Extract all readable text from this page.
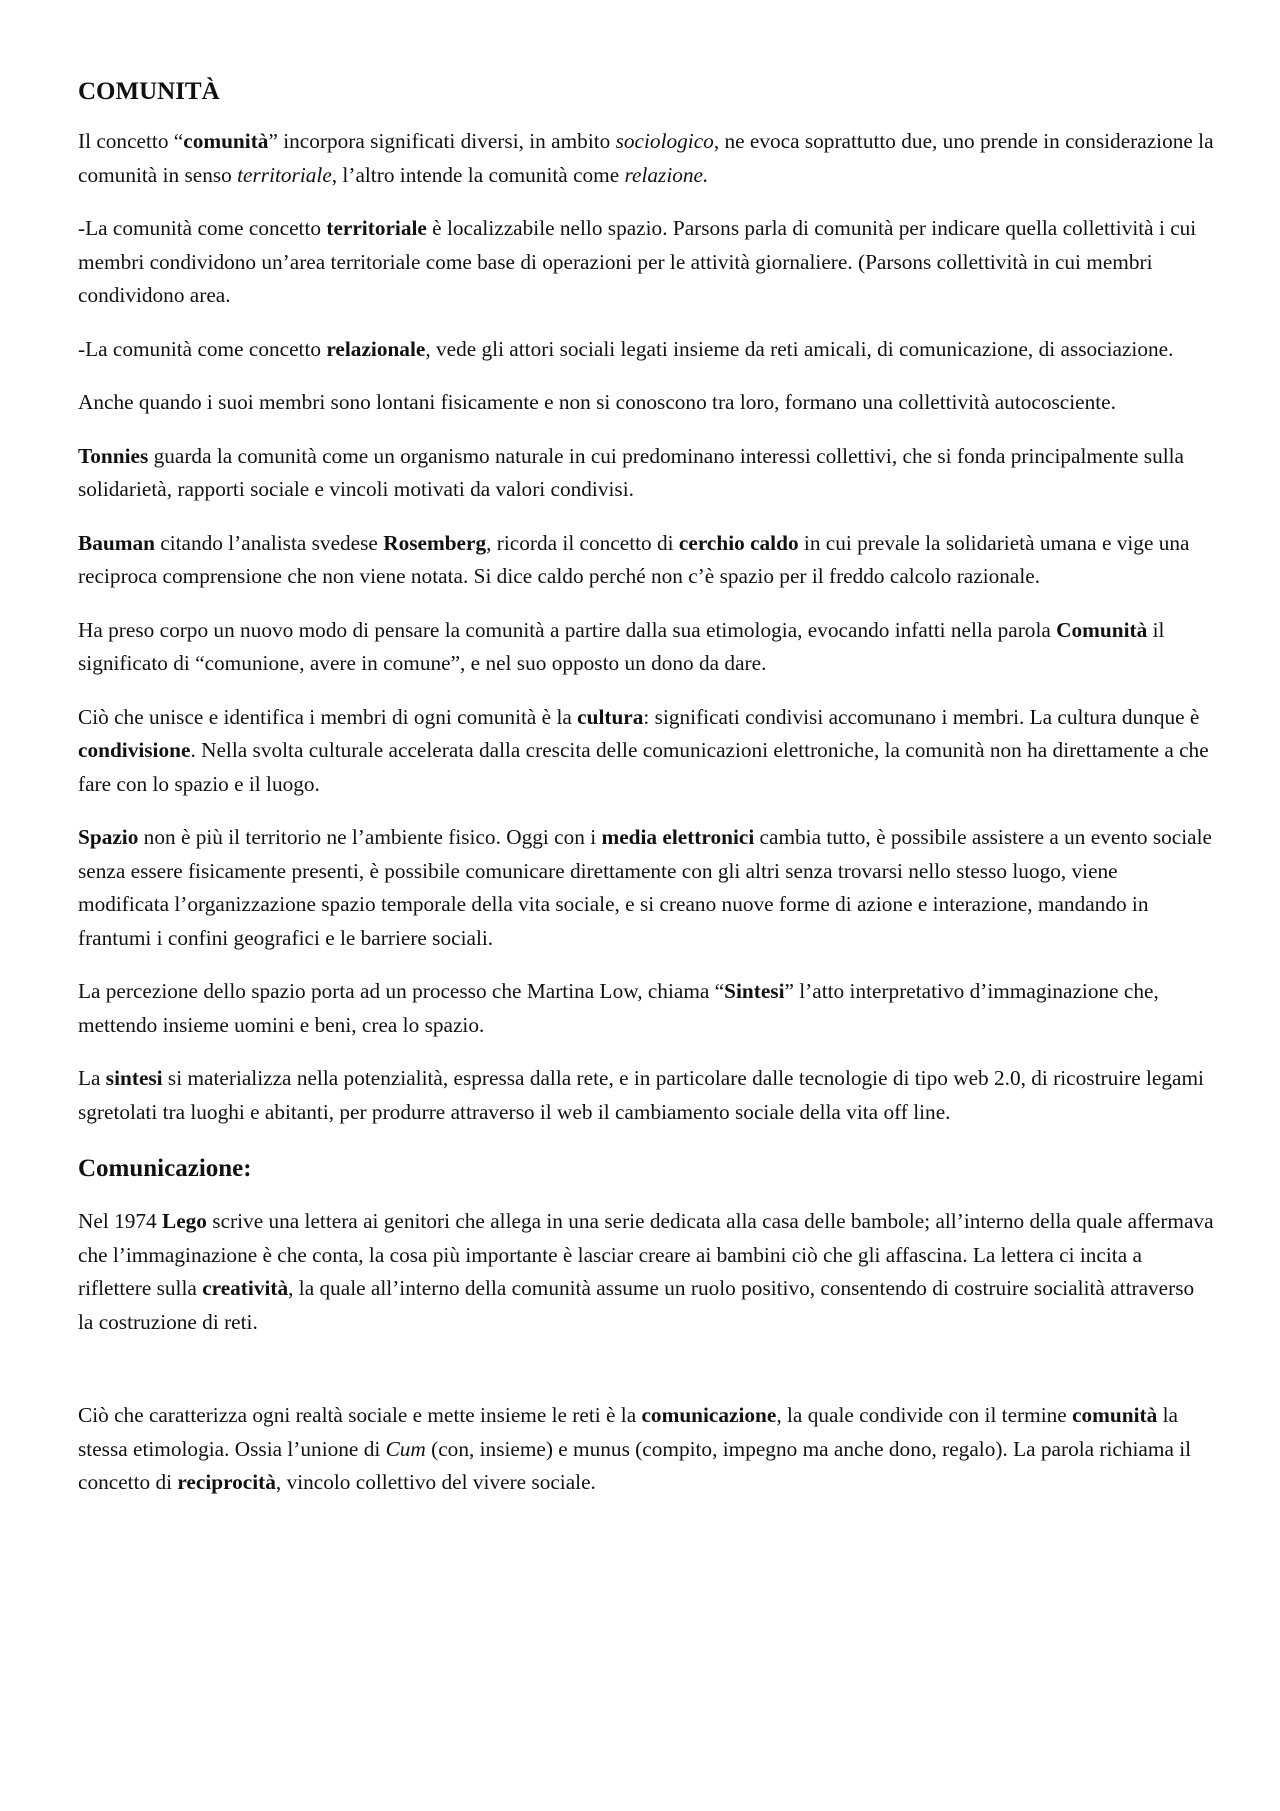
COMUNITÀ

Il concetto “comunità” incorpora significati diversi, in ambito sociologico, ne evoca soprattutto due, uno prende in considerazione la comunità in senso territoriale, l’altro intende la comunità come relazione.

-La comunità come concetto territoriale è localizzabile nello spazio. Parsons parla di comunità per indicare quella collettività i cui membri condividono un’area territoriale come base di operazioni per le attività giornaliere. (Parsons collettività in cui membri condividono area.

-La comunità come concetto relazionale, vede gli attori sociali legati insieme da reti amicali, di comunicazione, di associazione.

Anche quando i suoi membri sono lontani fisicamente e non si conoscono tra loro, formano una collettività autocosciente.

Tonnies guarda la comunità come un organismo naturale in cui predominano interessi collettivi, che si fonda principalmente sulla solidarietà, rapporti sociale e vincoli motivati da valori condivisi.

Bauman citando l’analista svedese Rosemberg, ricorda il concetto di cerchio caldo in cui prevale la solidarietà umana e vige una reciproca comprensione che non viene notata. Si dice caldo perché non c’è spazio per il freddo calcolo razionale.

Ha preso corpo un nuovo modo di pensare la comunità a partire dalla sua etimologia, evocando infatti nella parola Comunità il significato di “comunione, avere in comune”, e nel suo opposto un dono da dare.

Ciò che unisce e identifica i membri di ogni comunità è la cultura: significati condivisi accomunano i membri. La cultura dunque è condivisione. Nella svolta culturale accelerata dalla crescita delle comunicazioni elettroniche, la comunità non ha direttamente a che fare con lo spazio e il luogo.

Spazio non è più il territorio ne l’ambiente fisico. Oggi con i media elettronici cambia tutto, è possibile assistere a un evento sociale senza essere fisicamente presenti, è possibile comunicare direttamente con gli altri senza trovarsi nello stesso luogo, viene modificata l’organizzazione spazio temporale della vita sociale, e si creano nuove forme di azione e interazione, mandando in frantumi i confini geografici e le barriere sociali.

La percezione dello spazio porta ad un processo che Martina Low, chiama “Sintesi” l’atto interpretativo d’immaginazione che, mettendo insieme uomini e beni, crea lo spazio.

La sintesi si materializza nella potenzialità, espressa dalla rete, e in particolare dalle tecnologie di tipo web 2.0, di ricostruire legami sgretolati tra luoghi e abitanti, per produrre attraverso il web il cambiamento sociale della vita off line.

Comunicazione:

Nel 1974 Lego scrive una lettera ai genitori che allega in una serie dedicata alla casa delle bambole; all’interno della quale affermava che l’immaginazione è che conta, la cosa più importante è lasciar creare ai bambini ciò che gli affascina. La lettera ci incita a riflettere sulla creatività, la quale all’interno della comunità assume un ruolo positivo, consentendo di costruire socialità attraverso la costruzione di reti.

Ciò che caratterizza ogni realtà sociale e mette insieme le reti è la comunicazione, la quale condivide con il termine comunità la stessa etimologia. Ossia l’unione di Cum (con, insieme) e munus (compito, impegno ma anche dono, regalo). La parola richiama il concetto di reciprocità, vincolo collettivo del vivere sociale.
